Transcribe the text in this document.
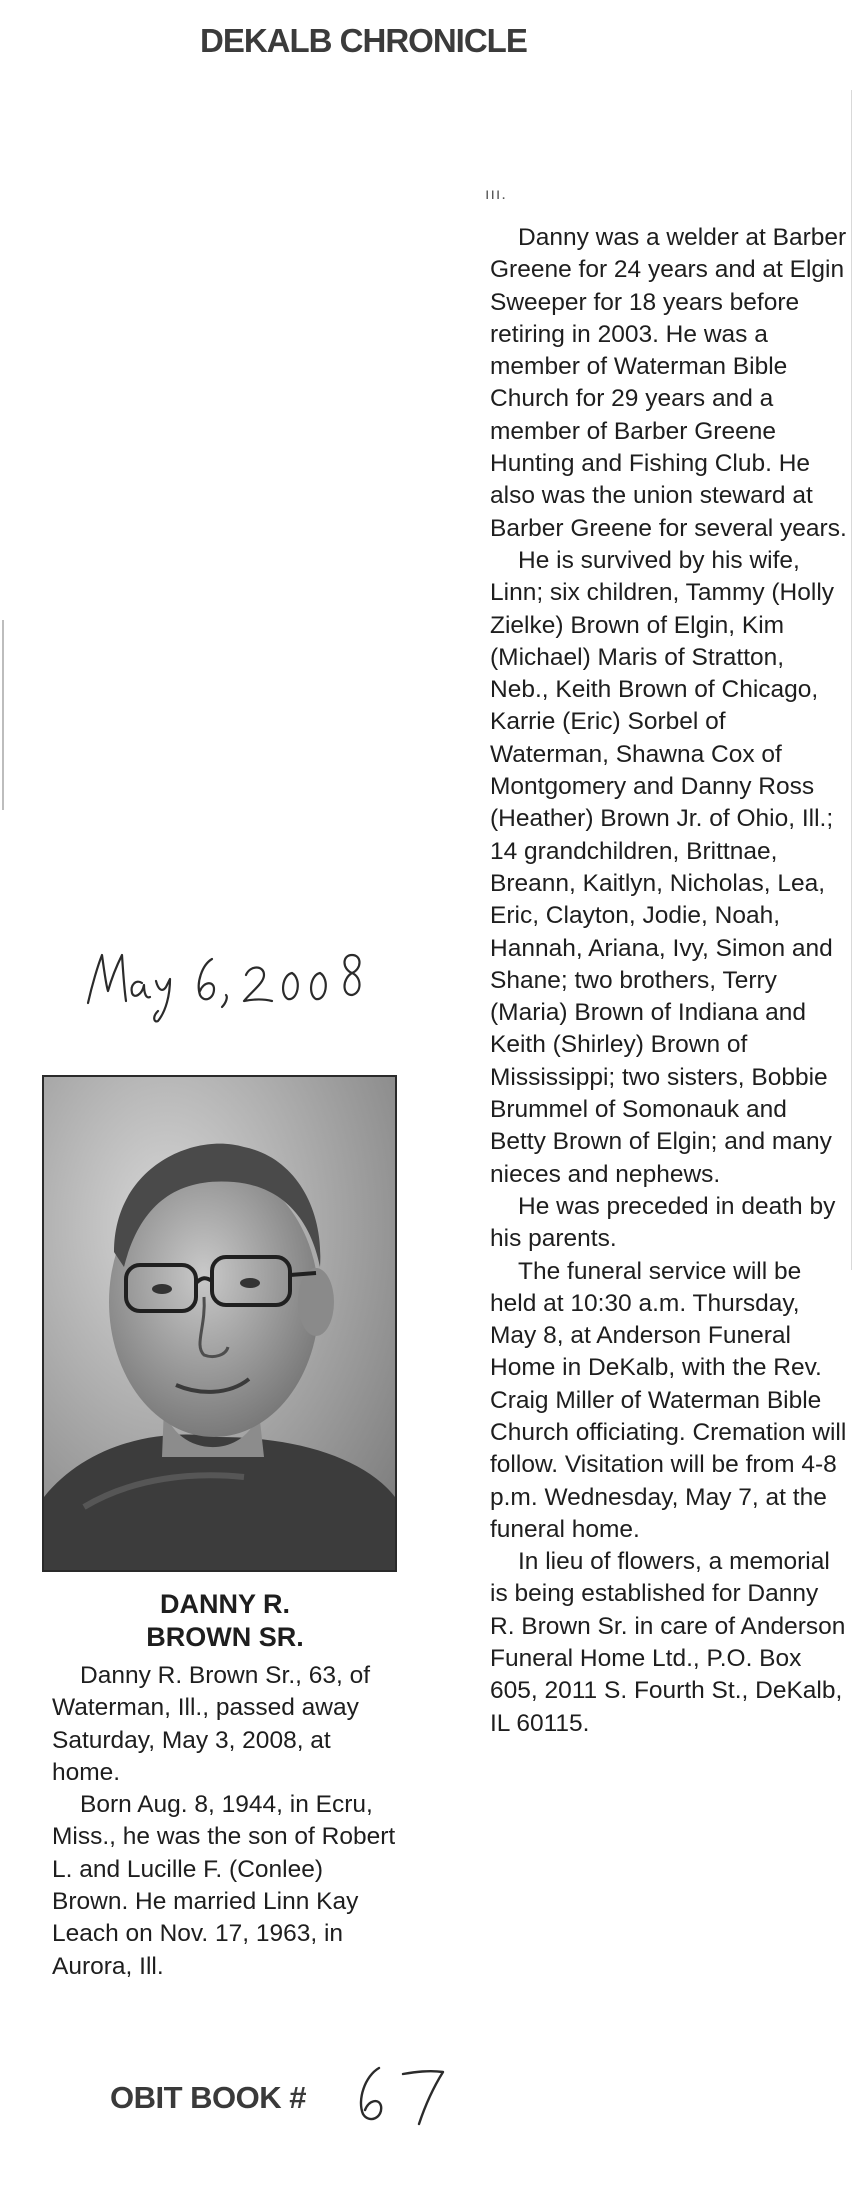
DEKALB CHRONICLE
ııı.

Danny was a welder at Barber Greene for 24 years and at Elgin Sweeper for 18 years before retiring in 2003. He was a member of Waterman Bible Church for 29 years and a member of Barber Greene Hunting and Fishing Club. He also was the union steward at Barber Greene for several years.

He is survived by his wife, Linn; six children, Tammy (Holly Zielke) Brown of Elgin, Kim (Michael) Maris of Stratton, Neb., Keith Brown of Chicago, Karrie (Eric) Sorbel of Waterman, Shawna Cox of Montgomery and Danny Ross (Heather) Brown Jr. of Ohio, Ill.; 14 grandchildren, Brittnae, Breann, Kaitlyn, Nicholas, Lea, Eric, Clayton, Jodie, Noah, Hannah, Ariana, Ivy, Simon and Shane; two brothers, Terry (Maria) Brown of Indiana and Keith (Shirley) Brown of Mississippi; two sisters, Bobbie Brummel of Somonauk and Betty Brown of Elgin; and many nieces and nephews.

He was preceded in death by his parents.

The funeral service will be held at 10:30 a.m. Thursday, May 8, at Anderson Funeral Home in DeKalb, with the Rev. Craig Miller of Waterman Bible Church officiating. Cremation will follow. Visitation will be from 4-8 p.m. Wednesday, May 7, at the funeral home.

In lieu of flowers, a memorial is being established for Danny R. Brown Sr. in care of Anderson Funeral Home Ltd., P.O. Box 605, 2011 S. Fourth St., DeKalb, IL 60115.

DANNY R.
BROWN SR.

Danny R. Brown Sr., 63, of Waterman, Ill., passed away Saturday, May 3, 2008, at home.

Born Aug. 8, 1944, in Ecru, Miss., he was the son of Robert L. and Lucille F. (Conlee) Brown. He married Linn Kay Leach on Nov. 17, 1963, in Aurora, Ill.

OBIT BOOK #
